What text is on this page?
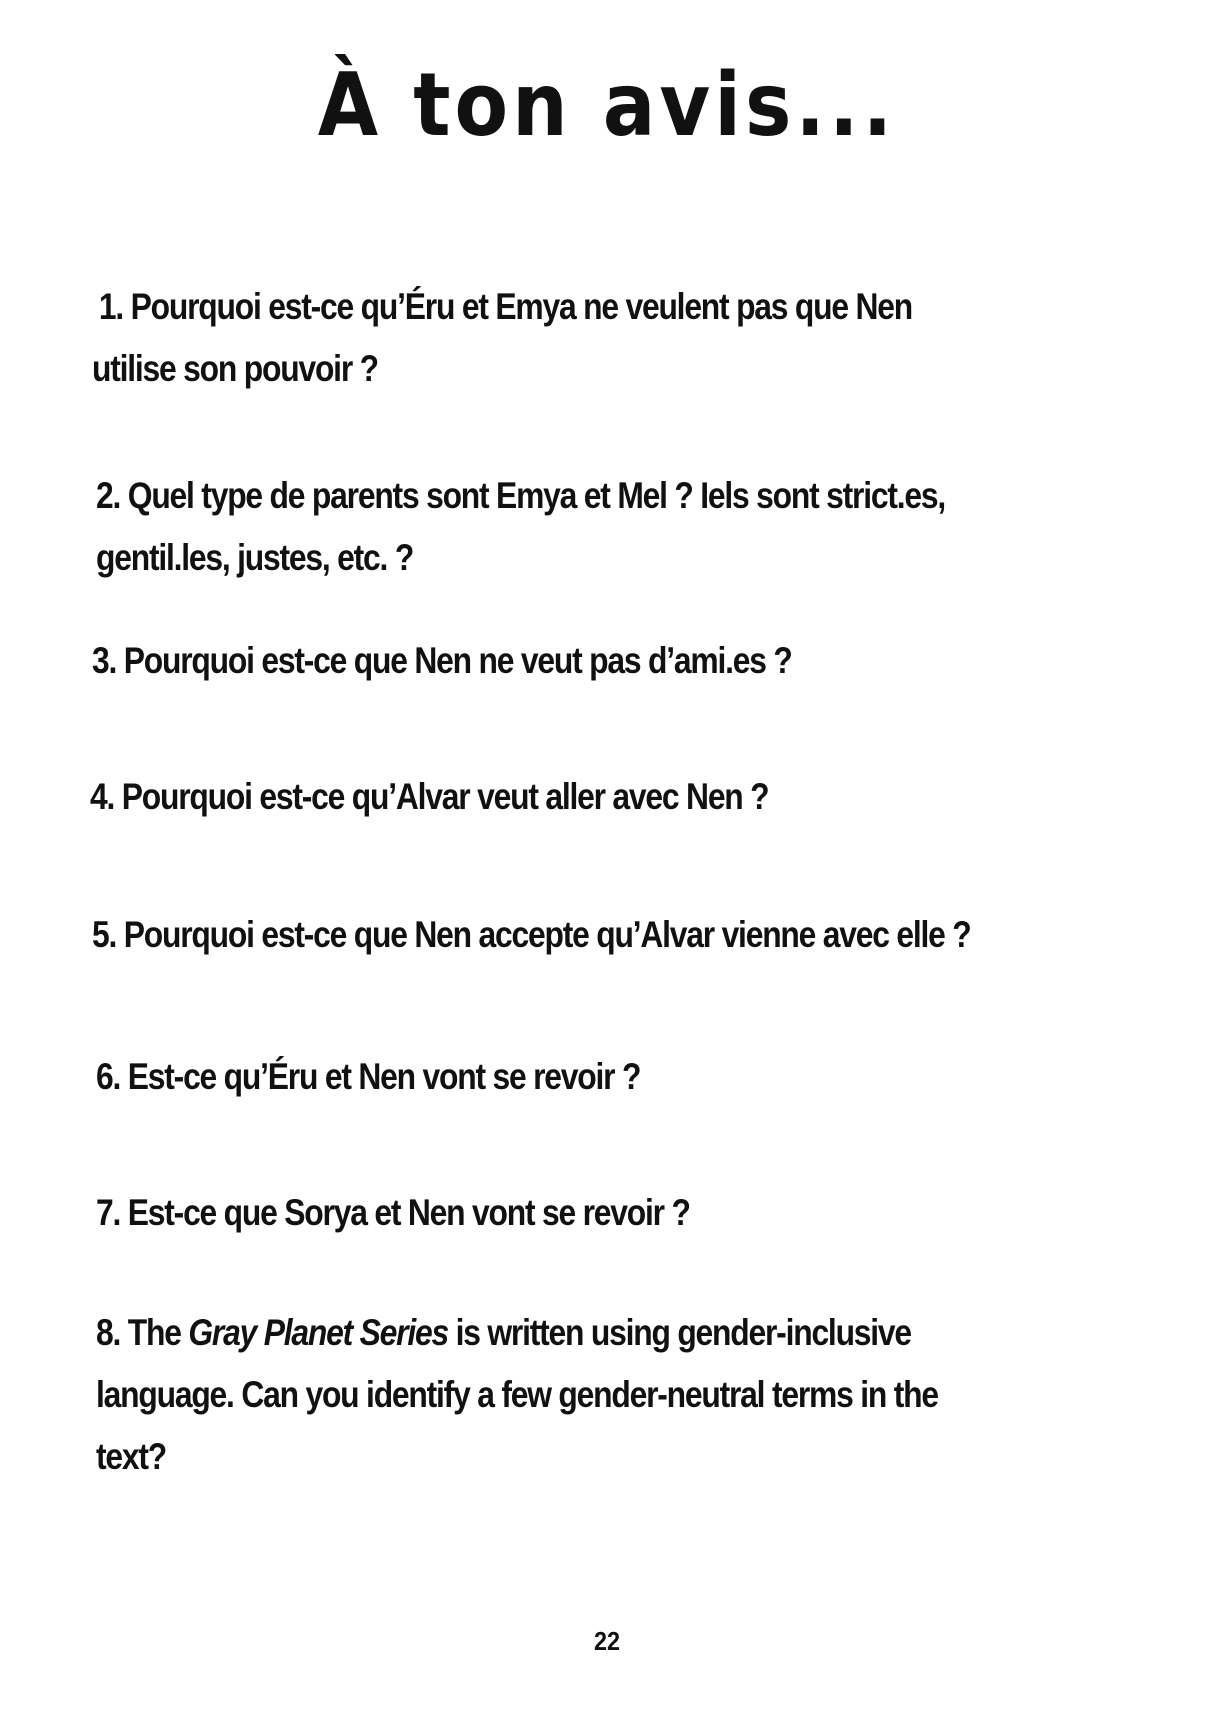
À ton avis...
1. Pourquoi est-ce qu’Éru et Emya ne veulent pas que Nen
utilise son pouvoir ?
2. Quel type de parents sont Emya et Mel ? Iels sont strict.es,
gentil.les, justes, etc. ?
3. Pourquoi est-ce que Nen ne veut pas d’ami.es ?
4. Pourquoi est-ce qu’Alvar veut aller avec Nen ?
5. Pourquoi est-ce que Nen accepte qu’Alvar vienne avec elle ?
6. Est-ce qu’Éru et Nen vont se revoir ?
7. Est-ce que Sorya et Nen vont se revoir ?
8. The Gray Planet Series is written using gender-inclusive
language. Can you identify a few gender-neutral terms in the
text?
22
